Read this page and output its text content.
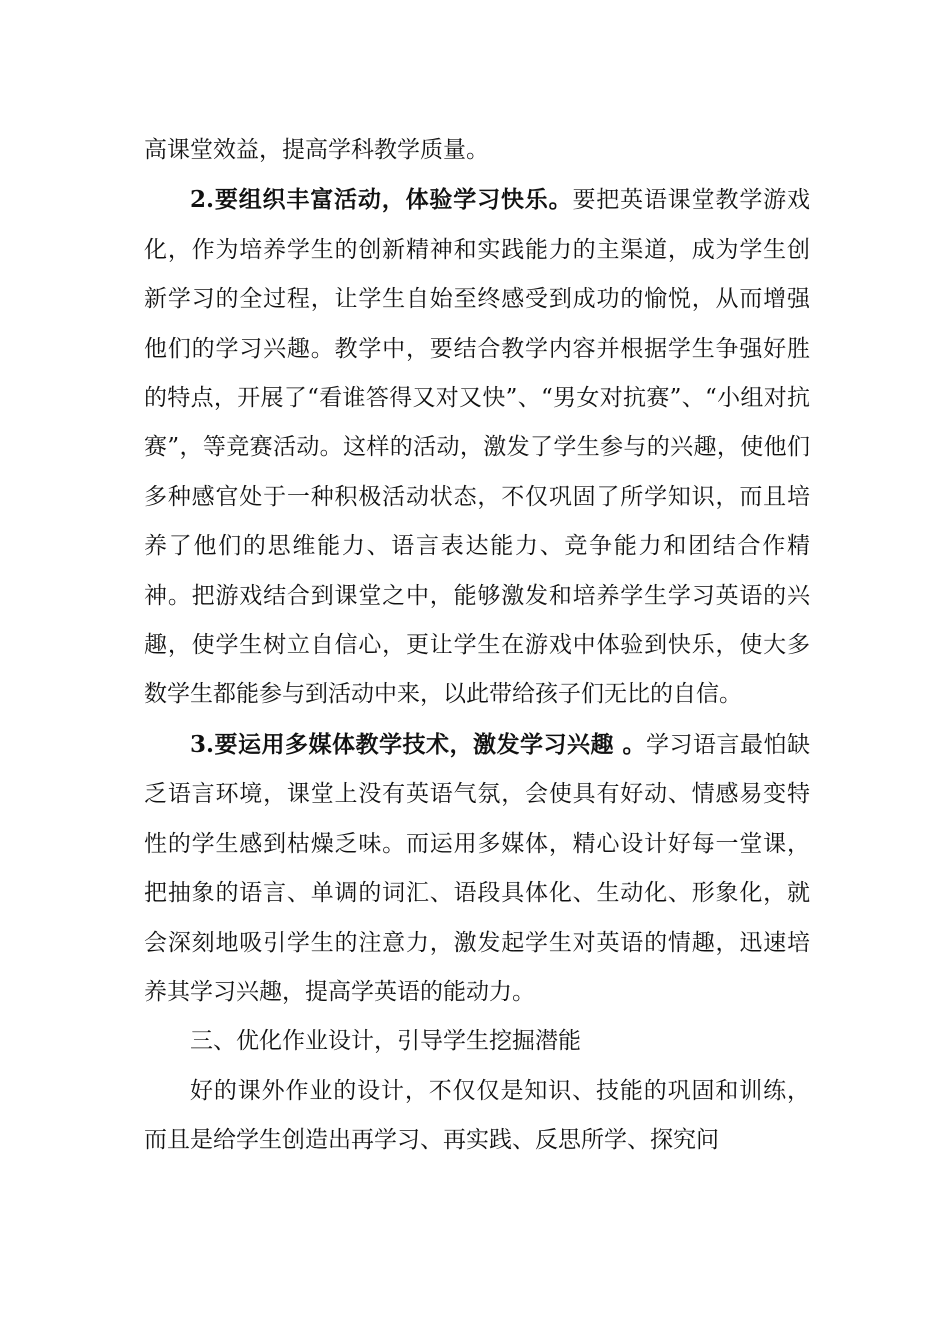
高课堂效益，提高学科教学质量。

2.要组织丰富活动，体验学习快乐。要把英语课堂教学游戏化，作为培养学生的创新精神和实践能力的主渠道，成为学生创新学习的全过程，让学生自始至终感受到成功的愉悦，从而增强他们的学习兴趣。教学中，要结合教学内容并根据学生争强好胜的特点，开展了“看谁答得又对又快”、“男女对抗赛”、“小组对抗赛”，等竞赛活动。这样的活动，激发了学生参与的兴趣，使他们多种感官处于一种积极活动状态，不仅巩固了所学知识，而且培养了他们的思维能力、语言表达能力、竞争能力和团结合作精神。把游戏结合到课堂之中，能够激发和培养学生学习英语的兴趣，使学生树立自信心，更让学生在游戏中体验到快乐，使大多数学生都能参与到活动中来，以此带给孩子们无比的自信。

3.要运用多媒体教学技术，激发学习兴趣 。学习语言最怕缺乏语言环境，课堂上没有英语气氛，会使具有好动、情感易变特性的学生感到枯燥乏味。而运用多媒体，精心设计好每一堂课，把抽象的语言、单调的词汇、语段具体化、生动化、形象化，就会深刻地吸引学生的注意力，激发起学生对英语的情趣，迅速培养其学习兴趣，提高学英语的能动力。

三、优化作业设计，引导学生挖掘潜能

好的课外作业的设计，不仅仅是知识、技能的巩固和训练，而且是给学生创造出再学习、再实践、反思所学、探究问
